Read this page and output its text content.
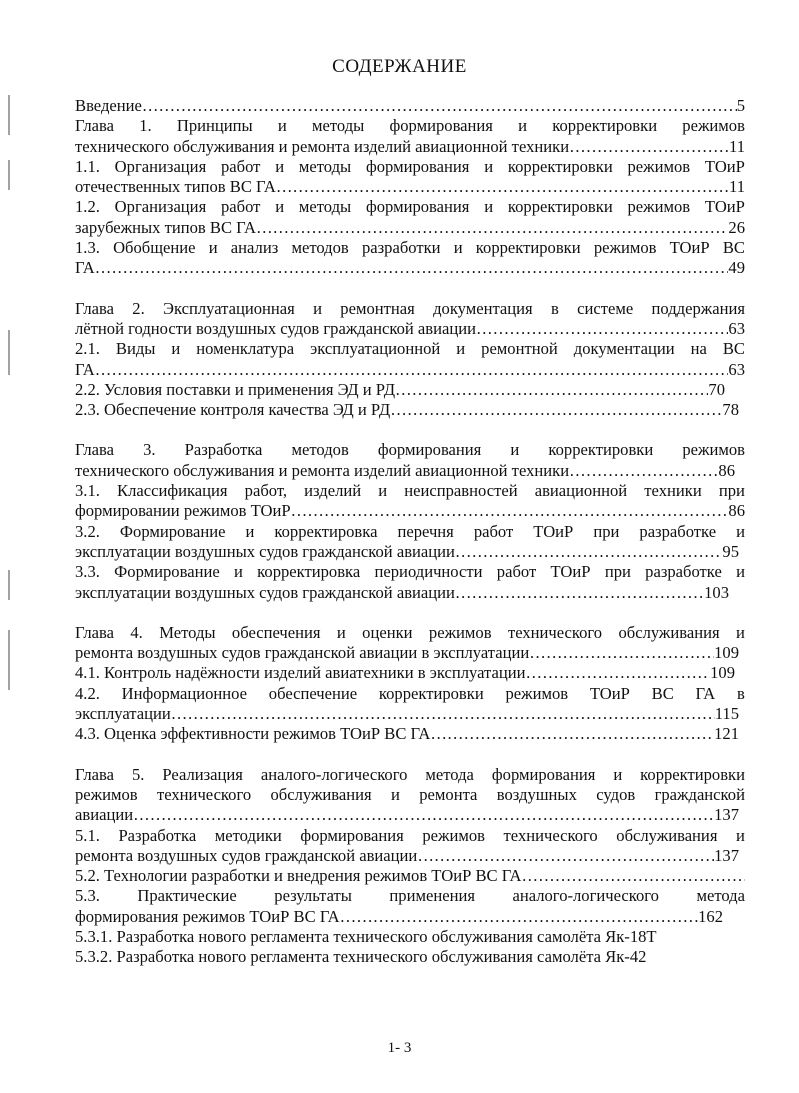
СОДЕРЖАНИЕ
Введение ……………………………………………………………………………………………………………………………………………………………………………………	5
Глава 1. Принципы и методы формирования и корректировки режимов
технического обслуживания и ремонта изделий авиационной техники ……………………………………………………………………………………………………………………………………………………………………………………	11
1.1. Организация работ и методы формирования и корректировки режимов ТОиР
отечественных типов ВС ГА ……………………………………………………………………………………………………………………………………………………………………………………	11
1.2. Организация работ и методы формирования и корректировки режимов ТОиР
зарубежных типов ВС ГА ……………………………………………………………………………………………………………………………………………………………………………………	26
1.3. Обобщение и анализ методов разработки и корректировки режимов ТОиР ВС
ГА ……………………………………………………………………………………………………………………………………………………………………………………	49
Глава 2. Эксплуатационная и ремонтная документация в системе поддержания
лётной годности воздушных судов гражданской авиации ……………………………………………………………………………………………………………………………………………………………………………………	63
2.1. Виды и номенклатура эксплуатационной и ремонтной документации на ВС
ГА ……………………………………………………………………………………………………………………………………………………………………………………	63
2.2. Условия поставки и применения ЭД и РД ……………………………………………………………………………………………………………………………………………………………………………………	70
2.3. Обеспечение контроля качества ЭД и РД ……………………………………………………………………………………………………………………………………………………………………………………	78
Глава 3. Разработка методов формирования и корректировки режимов
технического обслуживания и ремонта изделий авиационной техники ……………………………………………………………………………………………………………………………………………………………………………………	86
3.1. Классификация работ, изделий и неисправностей авиационной техники при
формировании режимов ТОиР ……………………………………………………………………………………………………………………………………………………………………………………	86
3.2. Формирование и корректировка перечня работ ТОиР при разработке и
эксплуатации воздушных судов гражданской авиации ……………………………………………………………………………………………………………………………………………………………………………………	95
3.3. Формирование и корректировка периодичности работ ТОиР при разработке и
эксплуатации воздушных судов гражданской авиации ……………………………………………………………………………………………………………………………………………………………………………………	103
Глава 4. Методы обеспечения и оценки режимов технического обслуживания и
ремонта воздушных судов гражданской авиации в эксплуатации ……………………………………………………………………………………………………………………………………………………………………………………	109
4.1. Контроль надёжности изделий авиатехники в эксплуатации ……………………………………………………………………………………………………………………………………………………………………………………	109
4.2. Информационное обеспечение корректировки режимов ТОиР ВС ГА в
эксплуатации ……………………………………………………………………………………………………………………………………………………………………………………	115
4.3. Оценка эффективности режимов ТОиР ВС ГА ……………………………………………………………………………………………………………………………………………………………………………………	121
Глава 5. Реализация аналого-логического метода формирования и корректировки
режимов технического обслуживания и ремонта воздушных судов гражданской
авиации ……………………………………………………………………………………………………………………………………………………………………………………	137
5.1. Разработка методики формирования режимов технического обслуживания и
ремонта воздушных судов гражданской авиации ……………………………………………………………………………………………………………………………………………………………………………………	137
5.2. Технологии разработки и внедрения режимов ТОиР ВС ГА
……………………………………………………………………………………………………………………………………………………………………………………
5.3. Практические результаты применения аналого-логического метода
формирования режимов ТОиР ВС ГА ……………………………………………………………………………………………………………………………………………………………………………………	162
5.3.1. Разработка нового регламента технического обслуживания самолёта Як-18Т
5.3.2. Разработка нового регламента технического обслуживания самолёта Як-42
1- 3
